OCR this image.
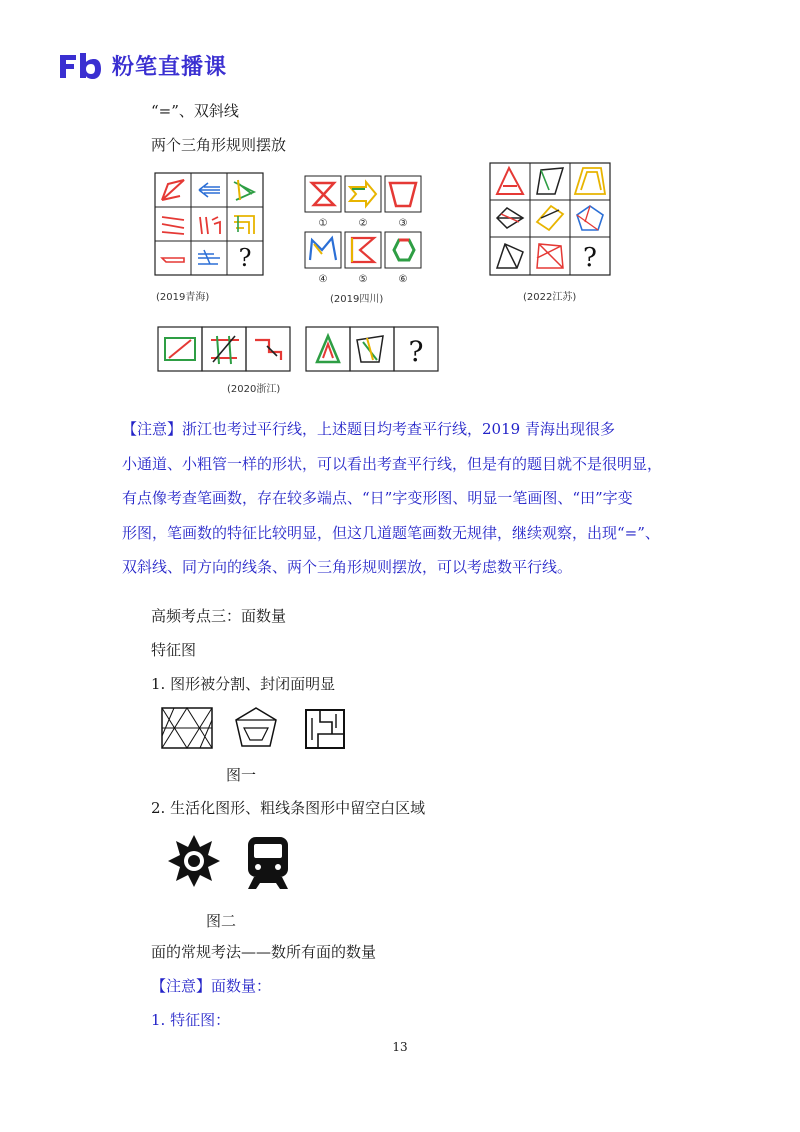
粉笔直播课
“=”、双斜线
两个三角形规则摆放
?
(2019青海)
①	②	③
④	⑤	⑥
(2019四川)
?
(2022江苏)
?
(2020浙江)

【注意】浙江也考过平行线，上述题目均考查平行线，2019 青海出现很多

小通道、小粗管一样的形状，可以看出考查平行线，但是有的题目就不是很明显，

有点像考查笔画数，存在较多端点、“日”字变形图、明显一笔画图、“田”字变

形图，笔画数的特征比较明显，但这几道题笔画数无规律，继续观察，出现“=”、

双斜线、同方向的线条、两个三角形规则摆放，可以考虑数平行线。

高频考点三：面数量
特征图
1. 图形被分割、封闭面明显
图一
2. 生活化图形、粗线条图形中留空白区域
图二
面的常规考法——数所有面的数量
【注意】面数量：
1. 特征图：
13
